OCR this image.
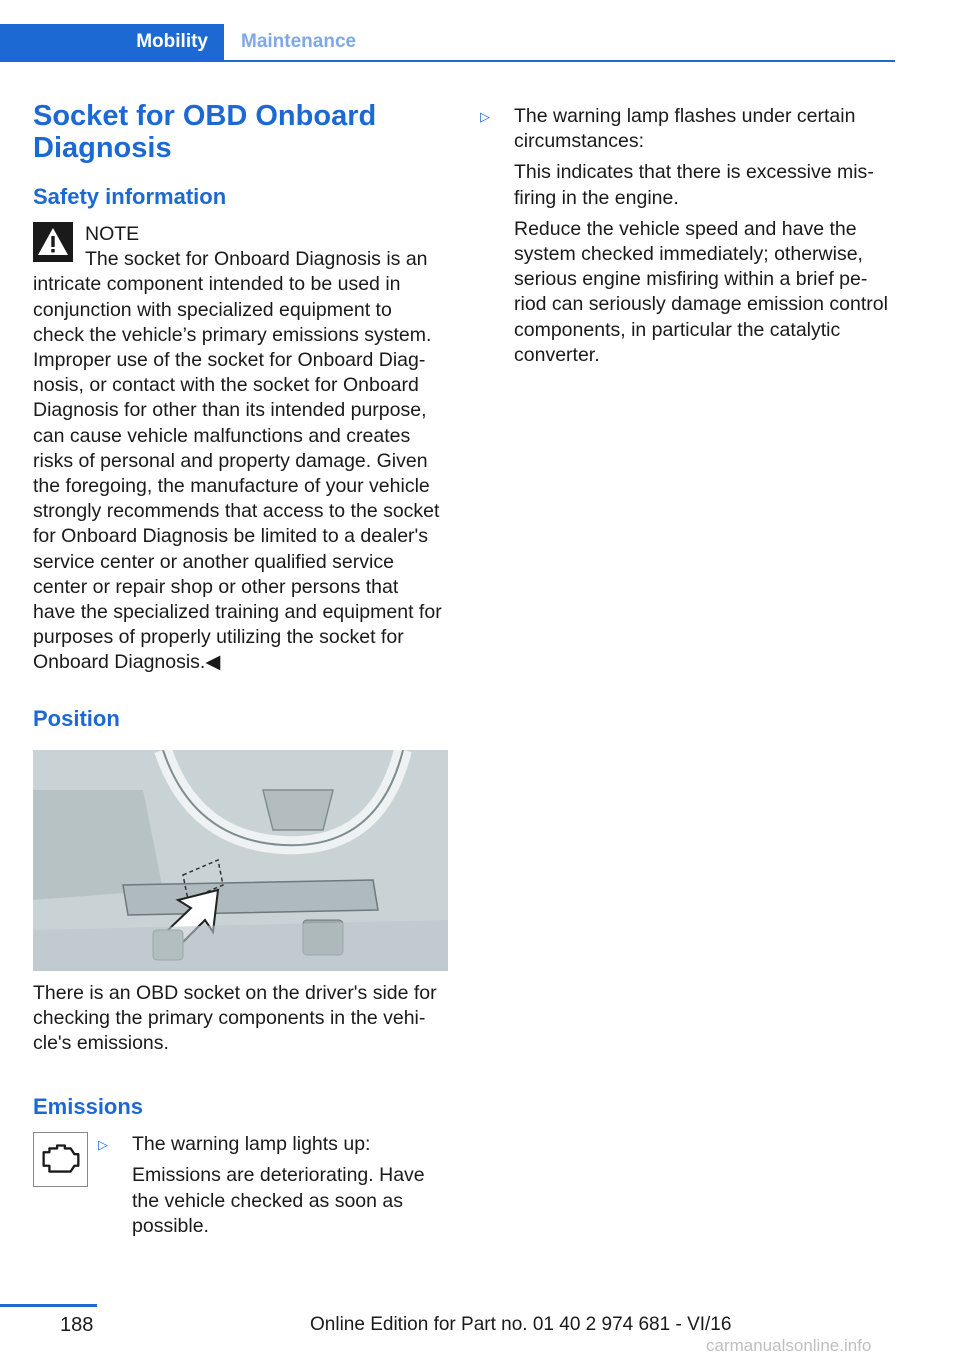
Mobility Maintenance
Socket for OBD Onboard Diagnosis
Safety information

NOTE

The socket for Onboard Diagnosis is an intricate component intended to be used in conjunction with specialized equipment to check the vehicle’s primary emissions system. Improper use of the socket for Onboard Diagnosis, or contact with the socket for Onboard Diagnosis for other than its intended purpose, can cause vehicle malfunctions and creates risks of personal and property damage. Given the foregoing, the manufacture of your vehicle strongly recommends that access to the socket for Onboard Diagnosis be limited to a dealer's service center or another qualified service center or repair shop or other persons that have the specialized training and equipment for purposes of properly utilizing the socket for Onboard Diagnosis.◀

Position

There is an OBD socket on the driver's side for checking the primary components in the vehicle's emissions.

Emissions
▷	The warning lamp lights up:

Emissions are deteriorating. Have the vehicle checked as soon as possible.

▷	The warning lamp flashes under certain circumstances:

This indicates that there is excessive misfiring in the engine.

Reduce the vehicle speed and have the system checked immediately; otherwise, serious engine misfiring within a brief period can seriously damage emission control components, in particular the catalytic converter.

188	Online Edition for Part no. 01 40 2 974 681 - VI/16
carmanualsonline.info
